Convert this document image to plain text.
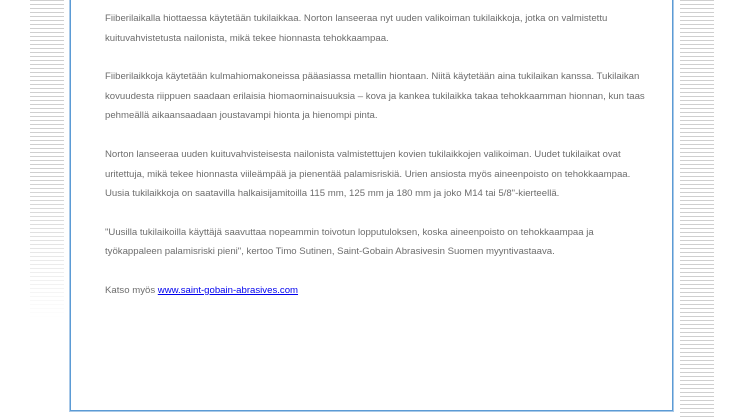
Fiiberilaikalla hiottaessa käytetään tukilaikkaa. Norton lanseeraa nyt uuden valikoiman tukilaikkoja, jotka on valmistettu kuituvahvistetusta nailonista, mikä tekee hionnasta tehokkaampaa.

Fiiberilaikkoja käytetään kulmahiomakoneissa pääasiassa metallin hiontaan. Niitä käytetään aina tukilaikan kanssa. Tukilaikan kovuudesta riippuen saadaan erilaisia hiomaominaisuuksia – kova ja kankea tukilaikka takaa tehokkaamman hionnan, kun taas pehmeällä aikaansaadaan joustavampi hionta ja hienompi pinta.

Norton lanseeraa uuden kuituvahvisteisesta nailonista valmistettujen kovien tukilaikkojen valikoiman. Uudet tukilaikat ovat uritettuja, mikä tekee hionnasta viileämpää ja pienentää palamisriskiä. Urien ansiosta myös aineenpoisto on tehokkaampaa. Uusia tukilaikkoja on saatavilla halkaisijamitoilla 115 mm, 125 mm ja 180 mm ja joko M14 tai 5/8"-kierteellä.

"Uusilla tukilaikoilla käyttäjä saavuttaa nopeammin toivotun lopputuloksen, koska aineenpoisto on tehokkaampaa ja työkappaleen palamisriski pieni", kertoo Timo Sutinen, Saint-Gobain Abrasivesin Suomen myyntivastaava.

Katso myös www.saint-gobain-abrasives.com
